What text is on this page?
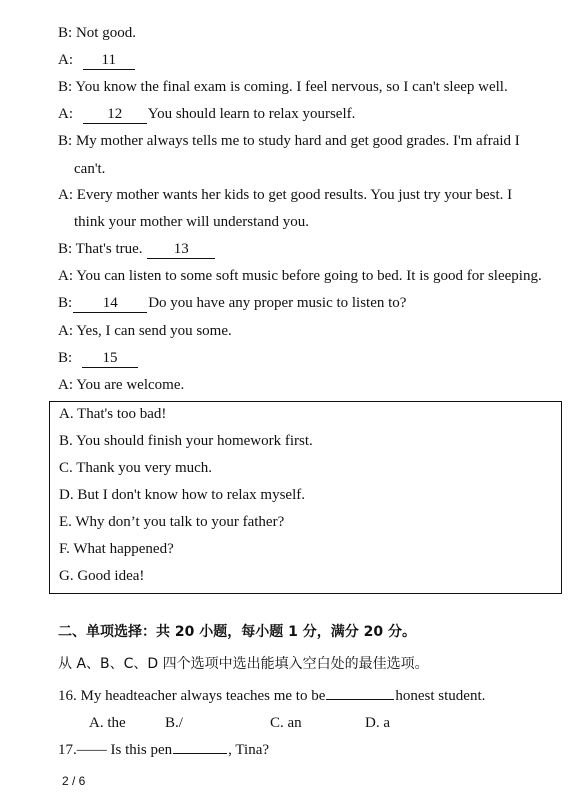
B: Not good.
A: 11
B: You know the final exam is coming. I feel nervous, so I can't sleep well.
A: 12 You should learn to relax yourself.
B: My mother always tells me to study hard and get good grades. I'm afraid I
can't.
A: Every mother wants her kids to get good results. You just try your best. I
think your mother will understand you.
B: That's true. 13
A: You can listen to some soft music before going to bed. It is good for sleeping.
B: 14 Do you have any proper music to listen to?
A: Yes, I can send you some.
B: 15
A: You are welcome.
A. That's too bad!
B. You should finish your homework first.
C. Thank you very much.
D. But I don't know how to relax myself.
E. Why don’t you talk to your father?
F. What happened?
G. Good idea!
二、单项选择：共 20 小题，每小题 1 分，满分 20 分。
从 A、B、C、D 四个选项中选出能填入空白处的最佳选项。
16. My headteacher always teaches me to be	honest student.
A. the	B./	C. an	D. a
17.—— Is this pen	, Tina?
2 / 6
